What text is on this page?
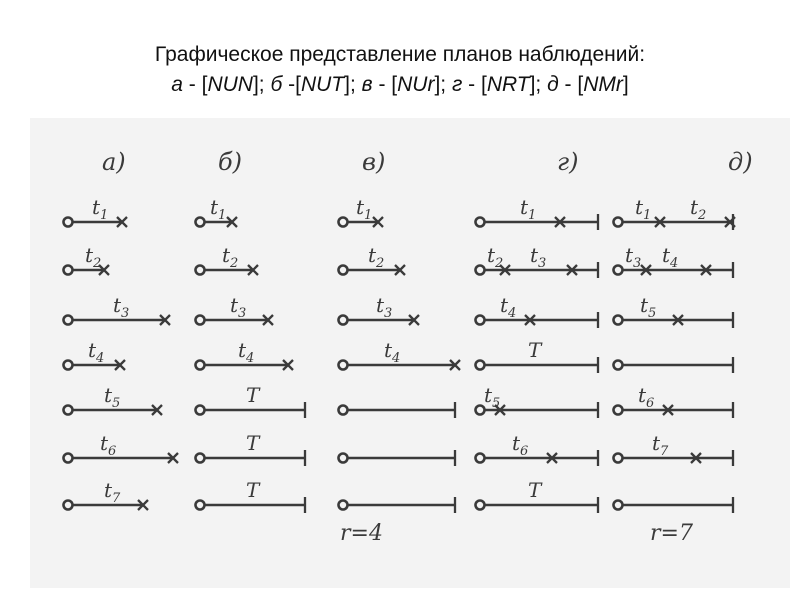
Графическое представление планов наблюдений:
а - [NUN]; б -[NUT]; в - [NUr]; г - [NRT]; д - [NMr]
а)
$t_1$
$t_2$
$t_3$
$t_4$
$t_5$
$t_6$
$t_7$
б)
$t_1$
$t_2$
$t_3$
$t_4$
T
T
T
в)
$t_1$
$t_2$
$t_3$
$t_4$
r=4
г)
$t_1$
$t_2$ $t_3$
$t_4$
T
$t_5$
$t_6$
T
д)
$t_1$ $t_2$
$t_3$ $t_4$
$t_5$
$t_6$
$t_7$
r=7
